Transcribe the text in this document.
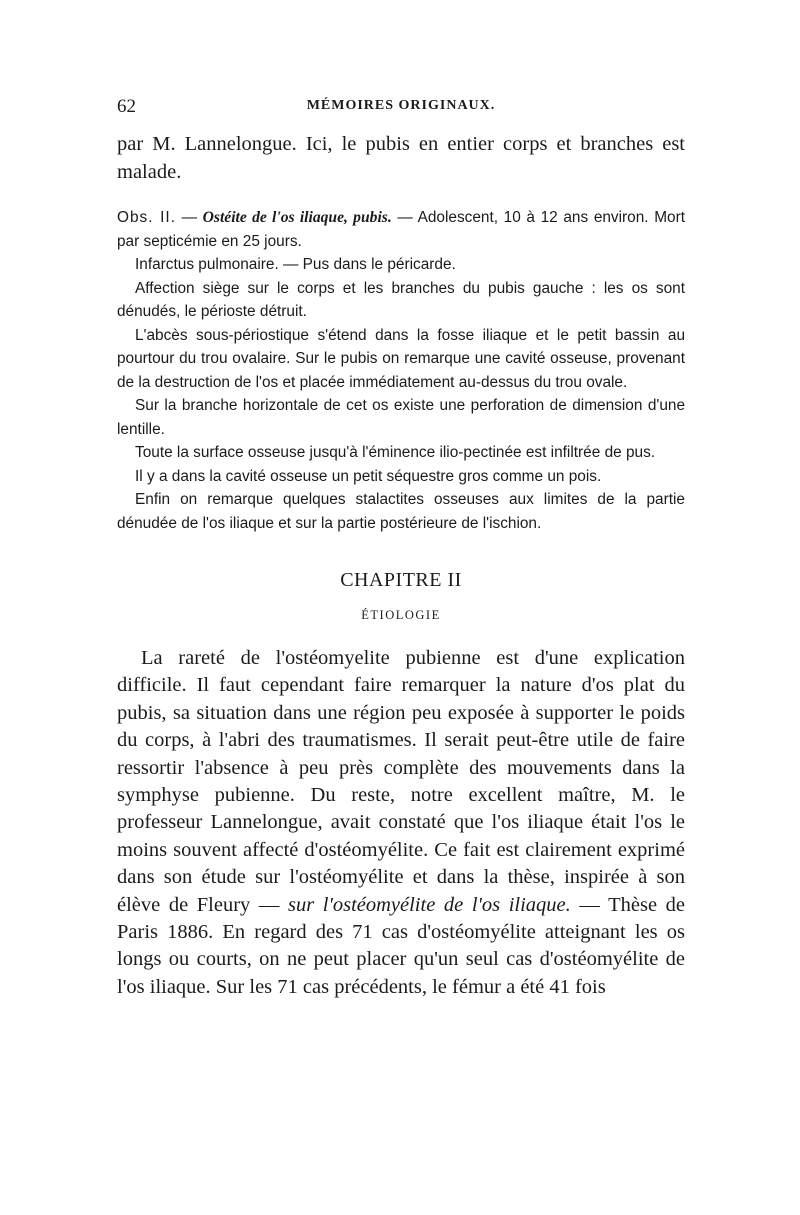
62	MÉMOIRES ORIGINAUX.

par M. Lannelongue. Ici, le pubis en entier corps et branches est malade.

Obs. II. — Ostéite de l'os iliaque, pubis. — Adolescent, 10 à 12 ans environ. Mort par septicémie en 25 jours.

Infarctus pulmonaire. — Pus dans le péricarde.

Affection siège sur le corps et les branches du pubis gauche : les os sont dénudés, le périoste détruit.

L'abcès sous-périostique s'étend dans la fosse iliaque et le petit bassin au pourtour du trou ovalaire. Sur le pubis on remarque une cavité osseuse, provenant de la destruction de l'os et placée immédiatement au-dessus du trou ovale.

Sur la branche horizontale de cet os existe une perforation de dimension d'une lentille.

Toute la surface osseuse jusqu'à l'éminence ilio-pectinée est infiltrée de pus.

Il y a dans la cavité osseuse un petit séquestre gros comme un pois.

Enfin on remarque quelques stalactites osseuses aux limites de la partie dénudée de l'os iliaque et sur la partie postérieure de l'ischion.

CHAPITRE II
ÉTIOLOGIE

La rareté de l'ostéomyelite pubienne est d'une explication difficile. Il faut cependant faire remarquer la nature d'os plat du pubis, sa situation dans une région peu exposée à supporter le poids du corps, à l'abri des traumatismes. Il serait peut-être utile de faire ressortir l'absence à peu près complète des mouvements dans la symphyse pubienne. Du reste, notre excellent maître, M. le professeur Lannelongue, avait constaté que l'os iliaque était l'os le moins souvent affecté d'ostéomyélite. Ce fait est clairement exprimé dans son étude sur l'ostéomyélite et dans la thèse, inspirée à son élève de Fleury — sur l'ostéomyélite de l'os iliaque. — Thèse de Paris 1886. En regard des 71 cas d'ostéomyélite atteignant les os longs ou courts, on ne peut placer qu'un seul cas d'ostéomyélite de l'os iliaque. Sur les 71 cas précédents, le fémur a été 41 fois
